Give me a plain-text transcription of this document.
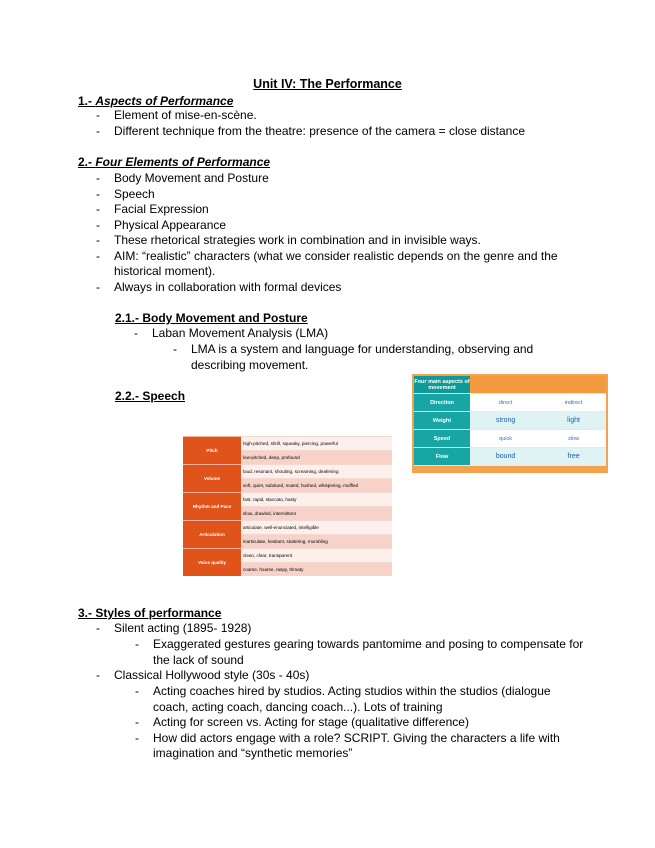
Unit IV: The Performance
1.- Aspects of Performance
- Element of mise-en-scène.
- Different technique from the theatre: presence of the camera = close distance
2.- Four Elements of Performance
- Body Movement and Posture
- Speech
- Facial Expression
- Physical Appearance
- These rhetorical strategies work in combination and in invisible ways.
- AIM: “realistic” characters (what we consider realistic depends on the genre and the
historical moment).
- Always in collaboration with formal devices
2.1.- Body Movement and Posture
- Laban Movement Analysis (LMA)
- LMA is a system and language for understanding, observing and
describing movement.
2.2.- Speech
Four main aspects of movement		
Direction	direct	indirect
Weight	strong	light
Speed	quick	slow
Flow	bound	free
Pitch	high-pitched, shrill, squeaky, piercing, powerful
	low-pitched, deep, profound
Volume	loud, resonant, shouting, screaming, deafening
	soft, quiet, subdued, muted, hushed, whispering, muffled
Rhythm and Pace	fast, rapid, staccato, hasty
	slow, drawled, intermittent
Articulation	articulate, well-enunciated, intelligible
	inarticulate, hesitant, stuttering, mumbling
Voice quality	clean, clear, transparent
	coarse, hoarse, raspy, throaty
3.- Styles of performance
- Silent acting (1895- 1928)
- Exaggerated gestures gearing towards pantomime and posing to compensate for
the lack of sound
- Classical Hollywood style (30s - 40s)
- Acting coaches hired by studios. Acting studios within the studios (dialogue
coach, acting coach, dancing coach...). Lots of training
- Acting for screen vs. Acting for stage (qualitative difference)
- How did actors engage with a role? SCRIPT. Giving the characters a life with
imagination and “synthetic memories”
